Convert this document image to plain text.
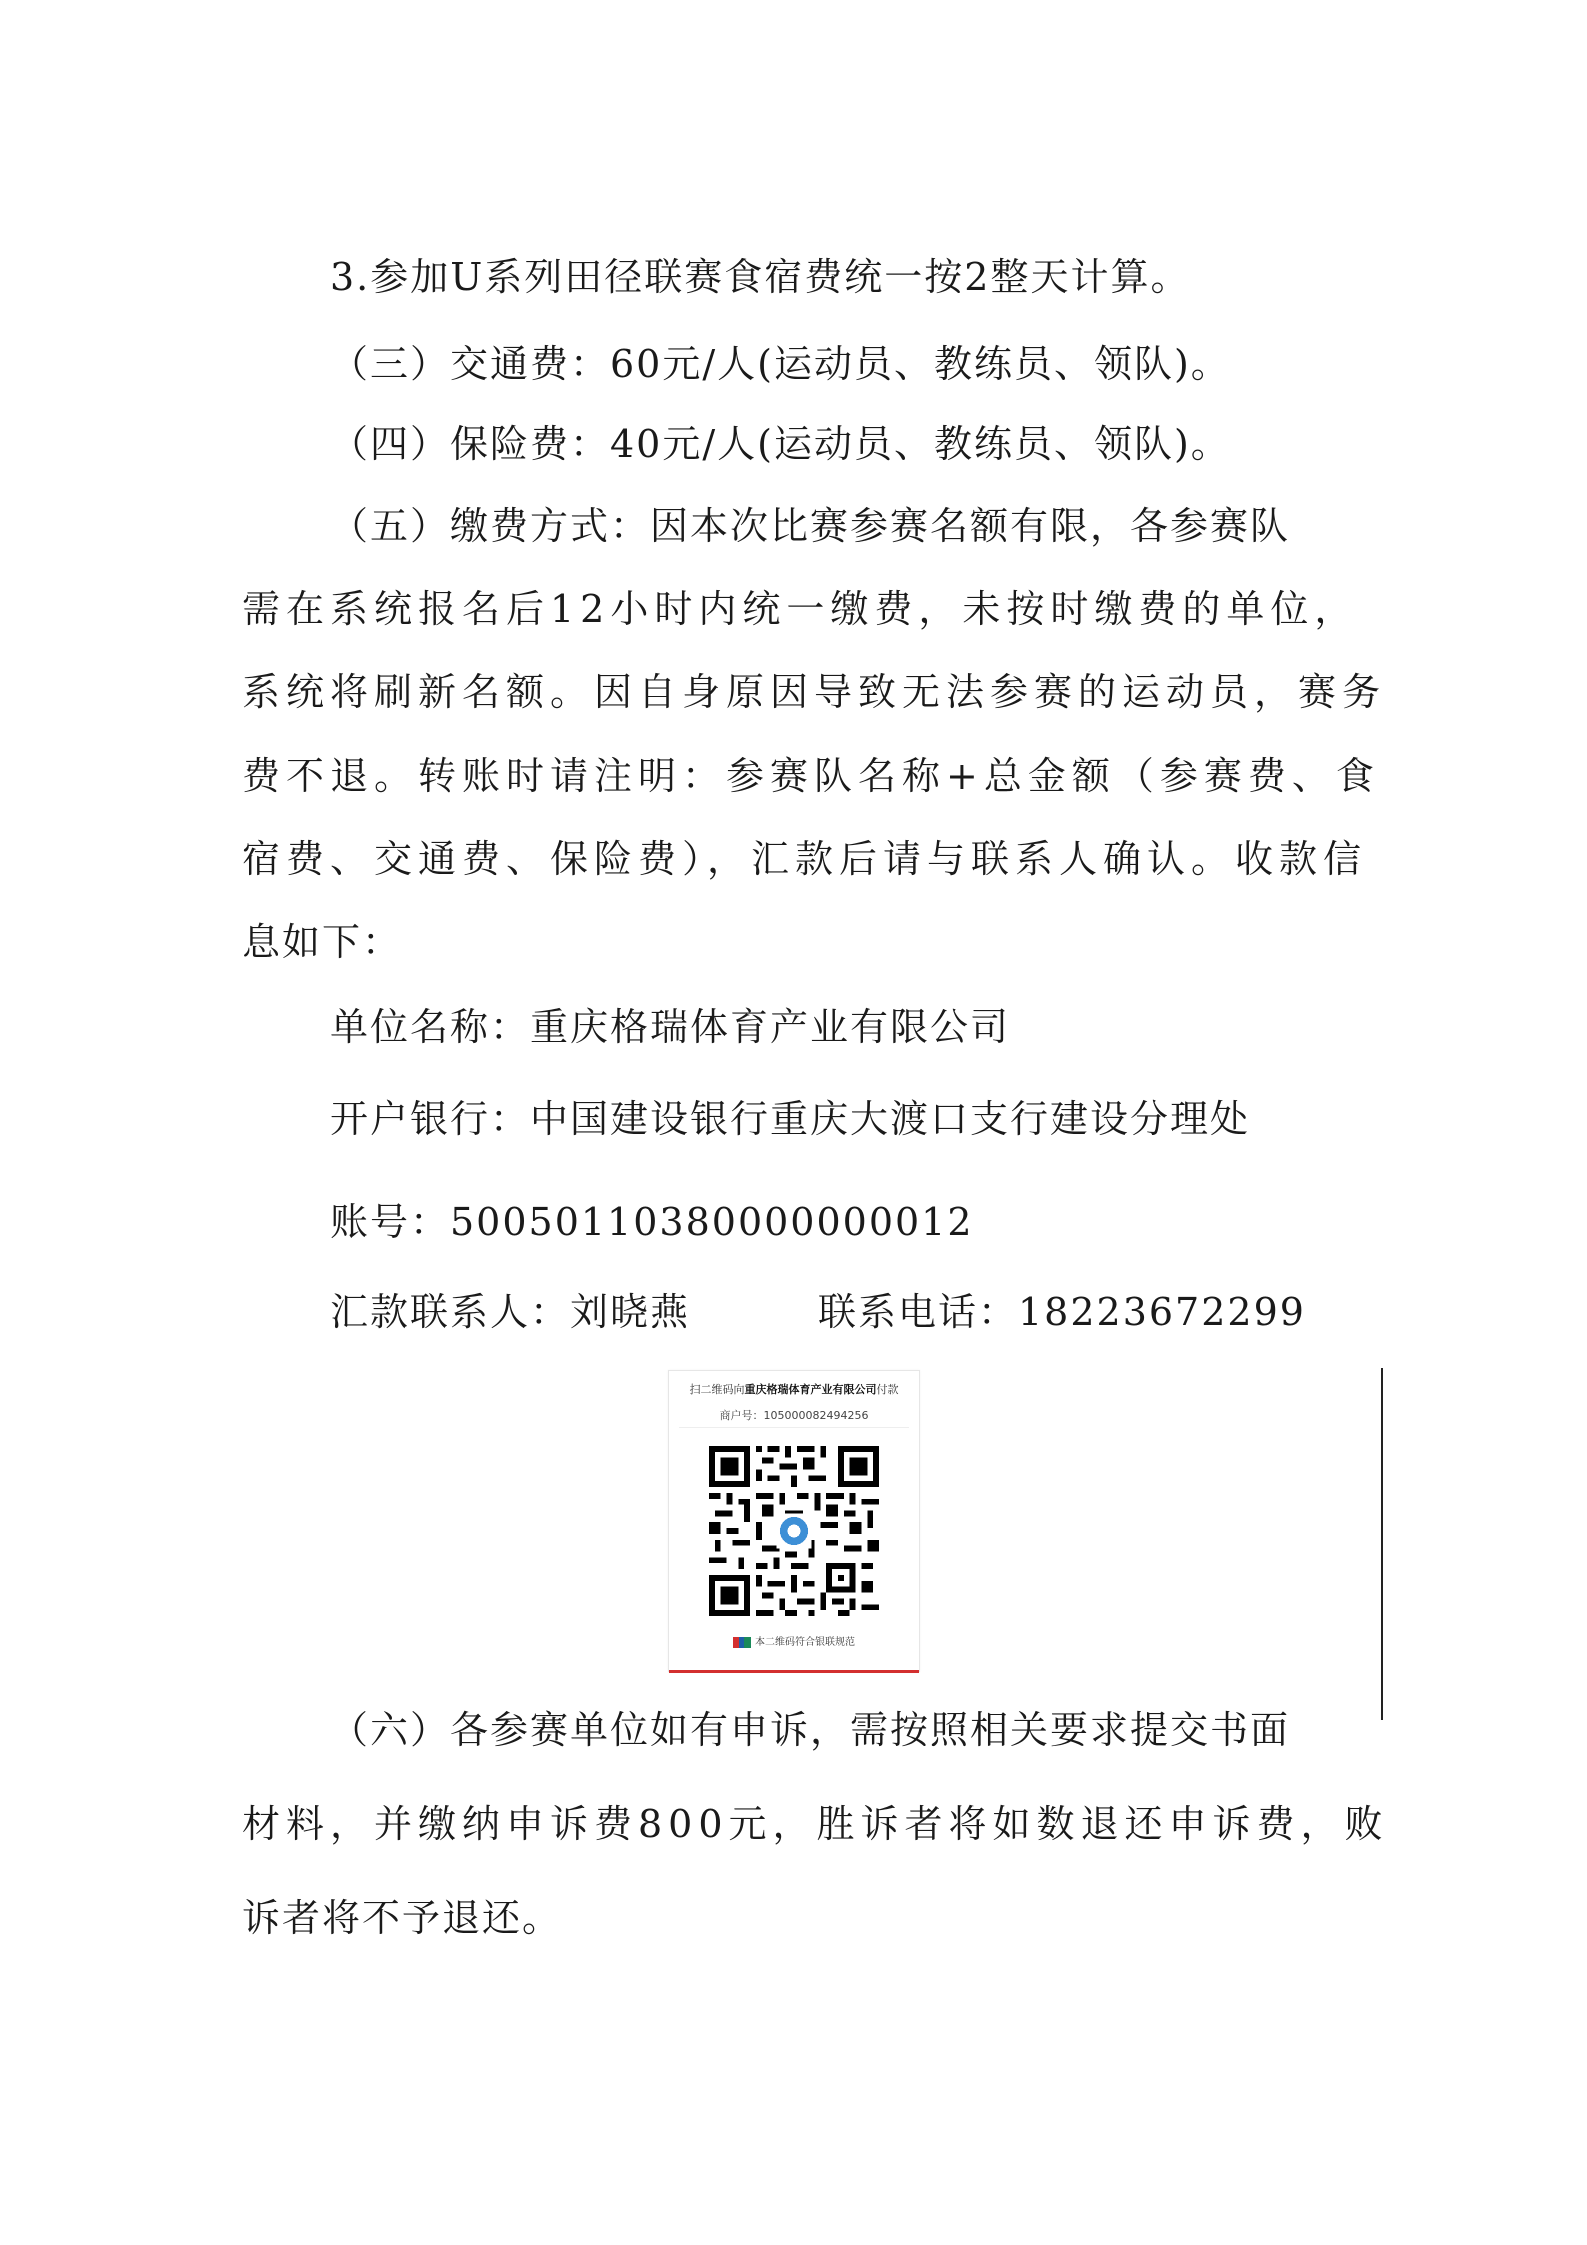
3.参加U系列田径联赛食宿费统一按2整天计算。
（三）交通费：60元/人(运动员、教练员、领队)。
（四）保险费：40元/人(运动员、教练员、领队)。
（五）缴费方式：因本次比赛参赛名额有限，各参赛队
需在系统报名后12小时内统一缴费，未按时缴费的单位，
系统将刷新名额。因自身原因导致无法参赛的运动员，赛务
费不退。转账时请注明：参赛队名称+总金额（参赛费、食
宿费、交通费、保险费），汇款后请与联系人确认。收款信
息如下：
单位名称：重庆格瑞体育产业有限公司
开户银行：中国建设银行重庆大渡口支行建设分理处
账号：50050110380000000012
汇款联系人：刘晓燕	联系电话：18223672299
扫二维码向重庆格瑞体育产业有限公司付款
商户号：105000082494256
本二维码符合银联规范
（六）各参赛单位如有申诉，需按照相关要求提交书面
材料，并缴纳申诉费800元，胜诉者将如数退还申诉费，败
诉者将不予退还。
